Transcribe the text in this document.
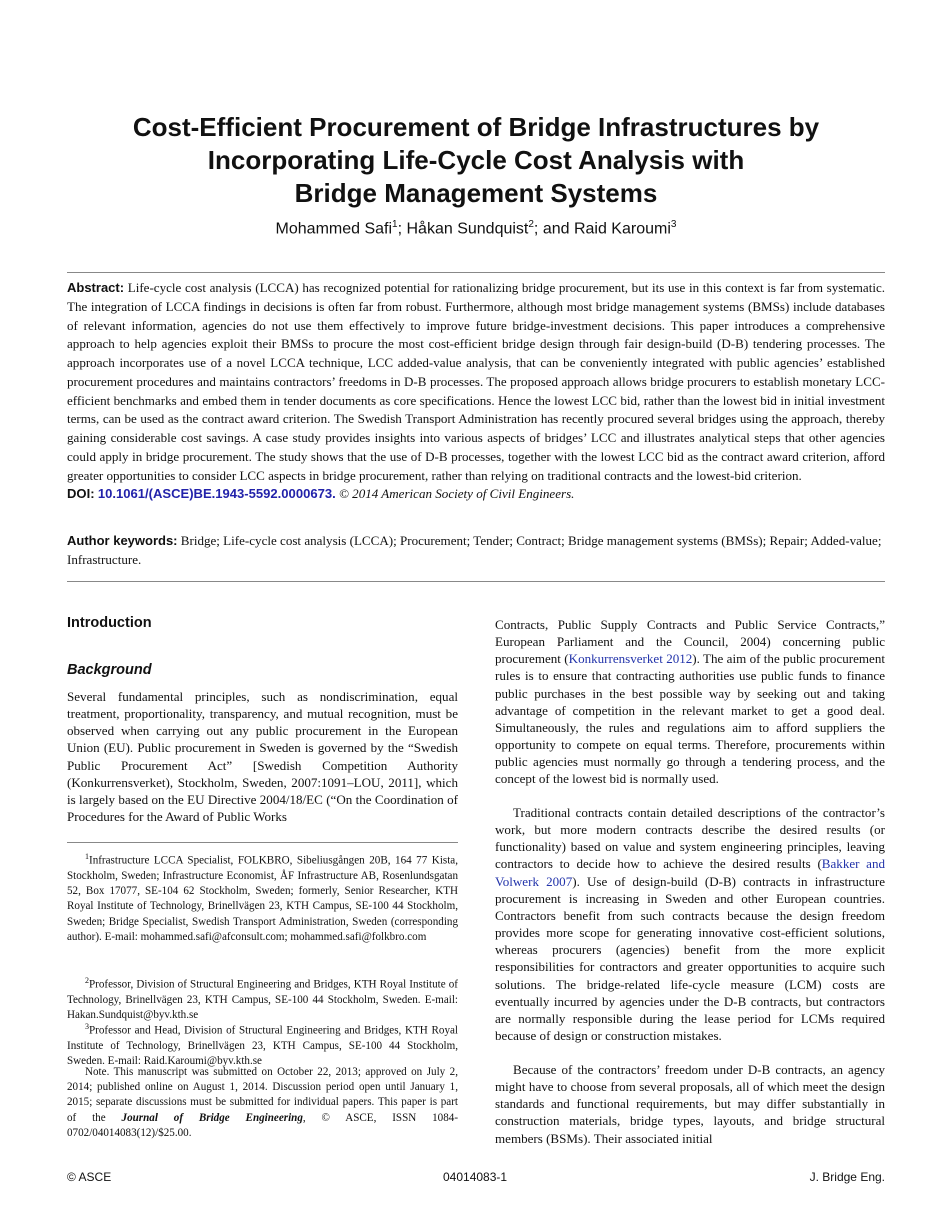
Cost-Efficient Procurement of Bridge Infrastructures by
Incorporating Life-Cycle Cost Analysis with
Bridge Management Systems
Mohammed Safi$^1$; Håkan Sundquist$^2$; and Raid Karoumi$^3$
Abstract: Life-cycle cost analysis (LCCA) has recognized potential for rationalizing bridge procurement, but its use in this context is far from systematic. The integration of LCCA findings in decisions is often far from robust. Furthermore, although most bridge management systems (BMSs) include databases of relevant information, agencies do not use them effectively to improve future bridge-investment decisions. This paper introduces a comprehensive approach to help agencies exploit their BMSs to procure the most cost-efficient bridge design through fair design-build (D-B) tendering processes. The approach incorporates use of a novel LCCA technique, LCC added-value analysis, that can be conveniently integrated with public agencies’ established procurement procedures and maintains contractors’ freedoms in D-B processes. The proposed approach allows bridge procurers to establish monetary LCC-efficient benchmarks and embed them in tender documents as core specifications. Hence the lowest LCC bid, rather than the lowest bid in initial investment terms, can be used as the contract award criterion. The Swedish Transport Administration has recently procured several bridges using the approach, thereby gaining considerable cost savings. A case study provides insights into various aspects of bridges’ LCC and illustrates analytical steps that other agencies could apply in bridge procurement. The study shows that the use of D-B processes, together with the lowest LCC bid as the contract award criterion, afford greater opportunities to consider LCC aspects in bridge procurement, rather than relying on traditional contracts and the lowest-bid criterion.
DOI: 10.1061/(ASCE)BE.1943-5592.0000673. © 2014 American Society of Civil Engineers.
Author keywords: Bridge; Life-cycle cost analysis (LCCA); Procurement; Tender; Contract; Bridge management systems (BMSs); Repair; Added-value; Infrastructure.
Introduction
Background

Several fundamental principles, such as nondiscrimination, equal treatment, proportionality, transparency, and mutual recognition, must be observed when carrying out any public procurement in the European Union (EU). Public procurement in Sweden is governed by the “Swedish Public Procurement Act” [Swedish Competition Authority (Konkurrensverket), Stockholm, Sweden, 2007:1091–LOU, 2011], which is largely based on the EU Directive 2004/18/EC (“On the Coordination of Procedures for the Award of Public Works

$^1$Infrastructure LCCA Specialist, FOLKBRO, Sibeliusgången 20B, 164 77 Kista, Stockholm, Sweden; Infrastructure Economist, ÅF Infrastructure AB, Rosenlundsgatan 52, Box 17077, SE-104 62 Stockholm, Sweden; formerly, Senior Researcher, KTH Royal Institute of Technology, Brinellvägen 23, KTH Campus, SE-100 44 Stockholm, Sweden; Bridge Specialist, Swedish Transport Administration, Sweden (corresponding author). E-mail: mohammed.safi@afconsult.com; mohammed.safi@folkbro.com

$^2$Professor, Division of Structural Engineering and Bridges, KTH Royal Institute of Technology, Brinellvägen 23, KTH Campus, SE-100 44 Stockholm, Sweden. E-mail: Hakan.Sundquist@byv.kth.se

$^3$Professor and Head, Division of Structural Engineering and Bridges, KTH Royal Institute of Technology, Brinellvägen 23, KTH Campus, SE-100 44 Stockholm, Sweden. E-mail: Raid.Karoumi@byv.kth.se

Note. This manuscript was submitted on October 22, 2013; approved on July 2, 2014; published online on August 1, 2014. Discussion period open until January 1, 2015; separate discussions must be submitted for individual papers. This paper is part of the Journal of Bridge Engineering, © ASCE, ISSN 1084-0702/04014083(12)/$25.00.

Contracts, Public Supply Contracts and Public Service Contracts,” European Parliament and the Council, 2004) concerning public procurement (Konkurrensverket 2012). The aim of the public procurement rules is to ensure that contracting authorities use public funds to finance public purchases in the best possible way by seeking out and taking advantage of competition in the relevant market to get a good deal. Simultaneously, the rules and regulations aim to afford suppliers the opportunity to compete on equal terms. Therefore, procurements within public agencies must normally go through a tendering process, and the concept of the lowest bid is normally used.

Traditional contracts contain detailed descriptions of the contractor’s work, but more modern contracts describe the desired results (or functionality) based on value and system engineering principles, leaving contractors to decide how to achieve the desired results (Bakker and Volwerk 2007). Use of design-build (D-B) contracts in infrastructure procurement is increasing in Sweden and other European countries. Contractors benefit from such contracts because the design freedom provides more scope for generating innovative cost-efficient solutions, whereas procurers (agencies) benefit from the more explicit responsibilities for contractors and greater opportunities to acquire such solutions. The bridge-related life-cycle measure (LCM) costs are eventually incurred by agencies under the D-B contracts, but contractors are normally responsible during the lease period for LCMs required because of design or construction mistakes.

Because of the contractors’ freedom under D-B contracts, an agency might have to choose from several proposals, all of which meet the design standards and functional requirements, but may differ substantially in construction materials, bridge types, layouts, and bridge structural members (BSMs). Their associated initial

© ASCE	04014083-1	J. Bridge Eng.
